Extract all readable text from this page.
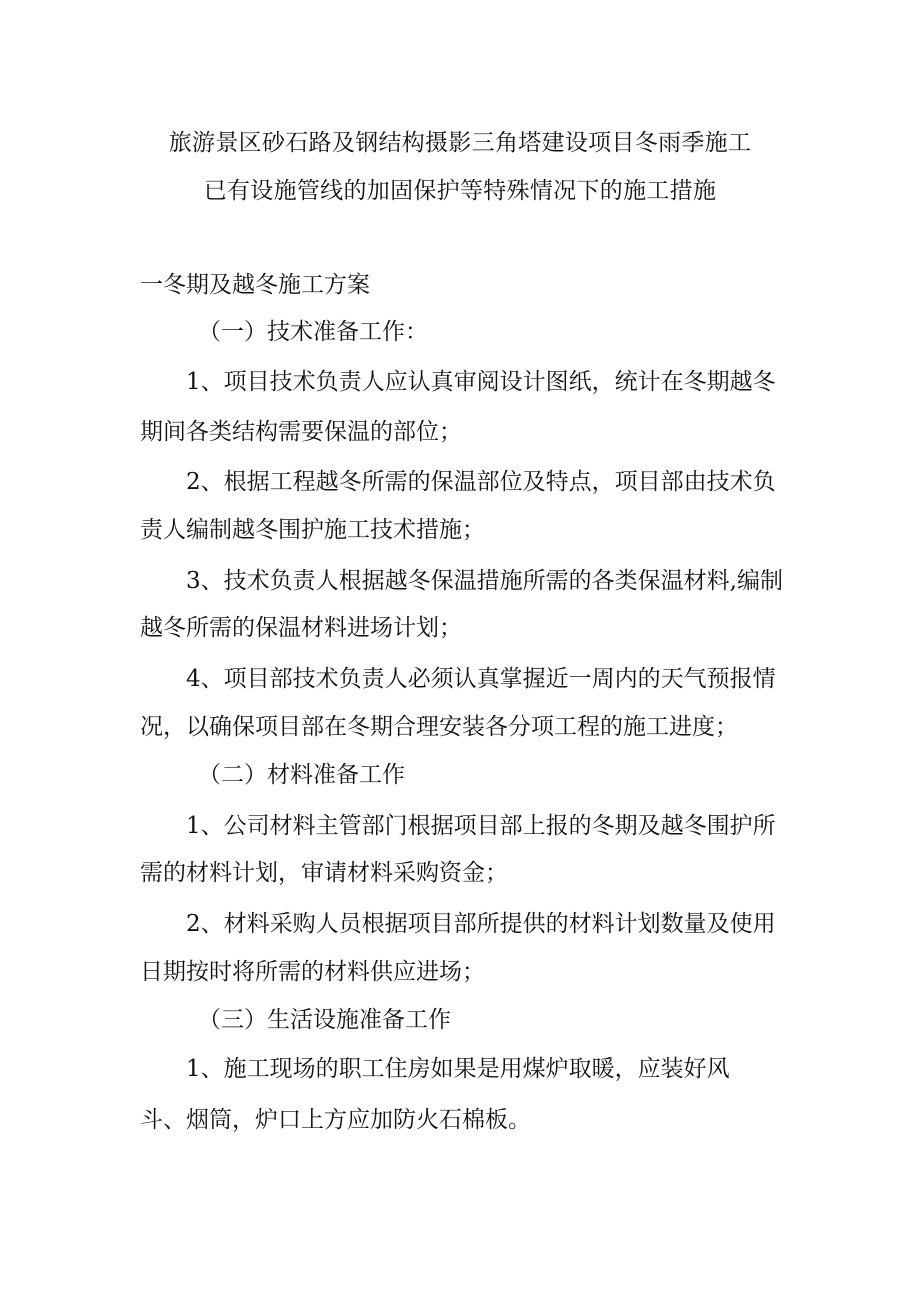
旅游景区砂石路及钢结构摄影三角塔建设项目冬雨季施工
已有设施管线的加固保护等特殊情况下的施工措施
一冬期及越冬施工方案
（一）技术准备工作：
1、项目技术负责人应认真审阅设计图纸，统计在冬期越冬
期间各类结构需要保温的部位；
2、根据工程越冬所需的保温部位及特点，项目部由技术负
责人编制越冬围护施工技术措施；
3、技术负责人根据越冬保温措施所需的各类保温材料,编制
越冬所需的保温材料进场计划；
4、项目部技术负责人必须认真掌握近一周内的天气预报情
况，以确保项目部在冬期合理安装各分项工程的施工进度；
（二）材料准备工作
1、公司材料主管部门根据项目部上报的冬期及越冬围护所
需的材料计划，审请材料采购资金；
2、材料采购人员根据项目部所提供的材料计划数量及使用
日期按时将所需的材料供应进场；
（三）生活设施准备工作
1、施工现场的职工住房如果是用煤炉取暖，应装好风
斗、烟筒，炉口上方应加防火石棉板。
